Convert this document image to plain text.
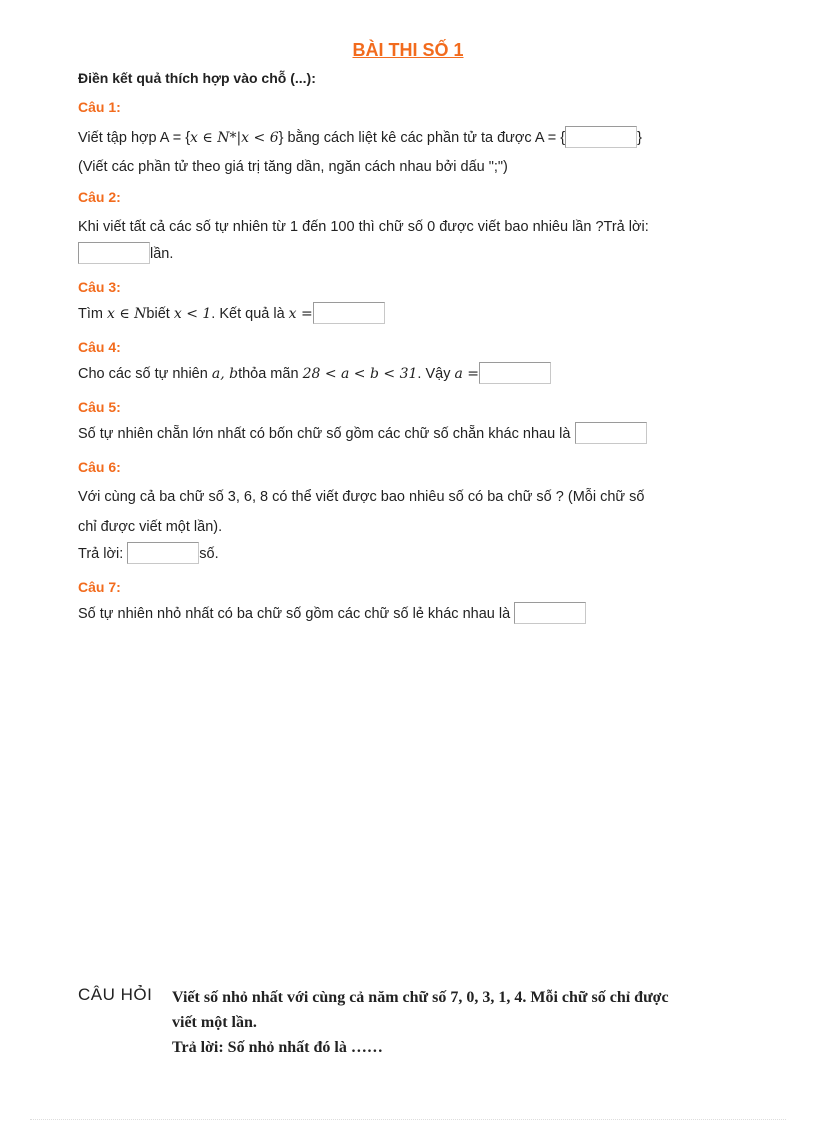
BÀI THI SỐ 1
Điền kết quả thích hợp vào chỗ (...):
Câu 1:
Viết tập hợp A = {x ∈ N*|x < 6} bằng cách liệt kê các phần tử ta được A = {	}
(Viết các phần tử theo giá trị tăng dần, ngăn cách nhau bởi dấu ";")
Câu 2:
Khi viết tất cả các số tự nhiên từ 1 đến 100 thì chữ số 0 được viết bao nhiêu lần ?Trả lời:
lần.
Câu 3:
Tìm x ∈ Nbiết x < 1. Kết quả là x =
Câu 4:
Cho các số tự nhiên a, bthỏa mãn 28 < a < b < 31. Vậy a =
Câu 5:
Số tự nhiên chẵn lớn nhất có bốn chữ số gồm các chữ số chẵn khác nhau là
Câu 6:
Với cùng cả ba chữ số 3, 6, 8 có thể viết được bao nhiêu số có ba chữ số ? (Mỗi chữ số
chỉ được viết một lần).
Trả lời:	số.
Câu 7:
Số tự nhiên nhỏ nhất có ba chữ số gồm các chữ số lẻ khác nhau là
CÂU HỎI Viết số nhỏ nhất với cùng cả năm chữ số 7, 0, 3, 1, 4. Mỗi chữ số chỉ được
viết một lần.
Trả lời: Số nhỏ nhất đó là ……
